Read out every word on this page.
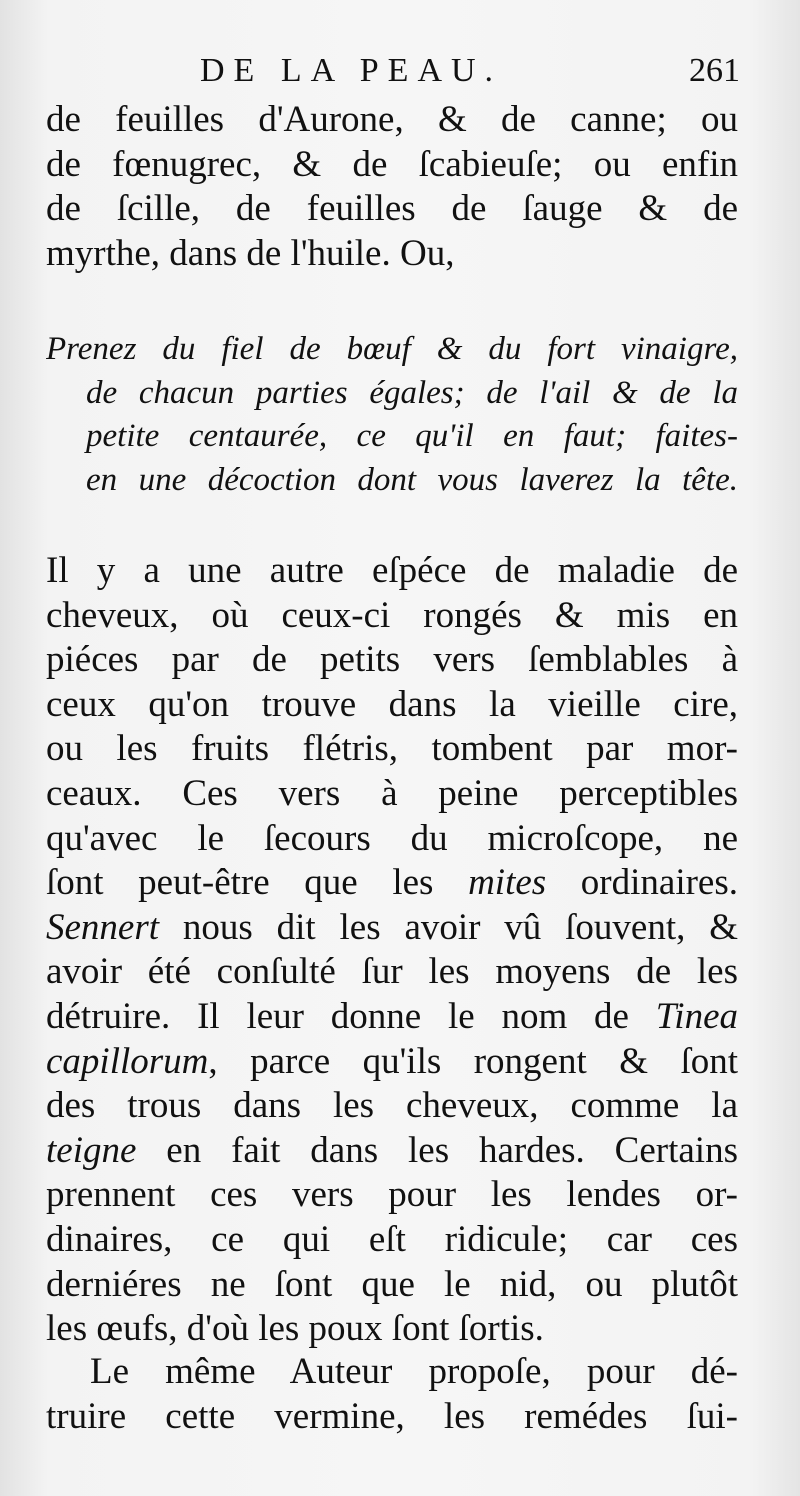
DE LA PEAU.	261
de feuilles d'Aurone, & de canne; ou
de fœnugrec, & de ſcabieuſe; ou enfin
de ſcille, de feuilles de ſauge & de
myrthe, dans de l'huile. Ou,
Prenez du fiel de bœuf & du fort vinaigre,
de chacun parties égales; de l'ail & de la
petite centaurée, ce qu'il en faut; faites-
en une décoction dont vous laverez la tête.
Il y a une autre eſpéce de maladie de
cheveux, où ceux-ci rongés & mis en
piéces par de petits vers ſemblables à
ceux qu'on trouve dans la vieille cire,
ou les fruits flétris, tombent par mor-
ceaux. Ces vers à peine perceptibles
qu'avec le ſecours du microſcope, ne
ſont peut-être que les mites ordinaires.
Sennert nous dit les avoir vû ſouvent, &
avoir été conſulté ſur les moyens de les
détruire. Il leur donne le nom de Tinea
capillorum, parce qu'ils rongent & ſont
des trous dans les cheveux, comme la
teigne en fait dans les hardes. Certains
prennent ces vers pour les lendes or-
dinaires, ce qui eſt ridicule; car ces
derniéres ne ſont que le nid, ou plutôt
les œufs, d'où les poux ſont ſortis.
Le même Auteur propoſe, pour dé-
truire cette vermine, les remédes ſui-
